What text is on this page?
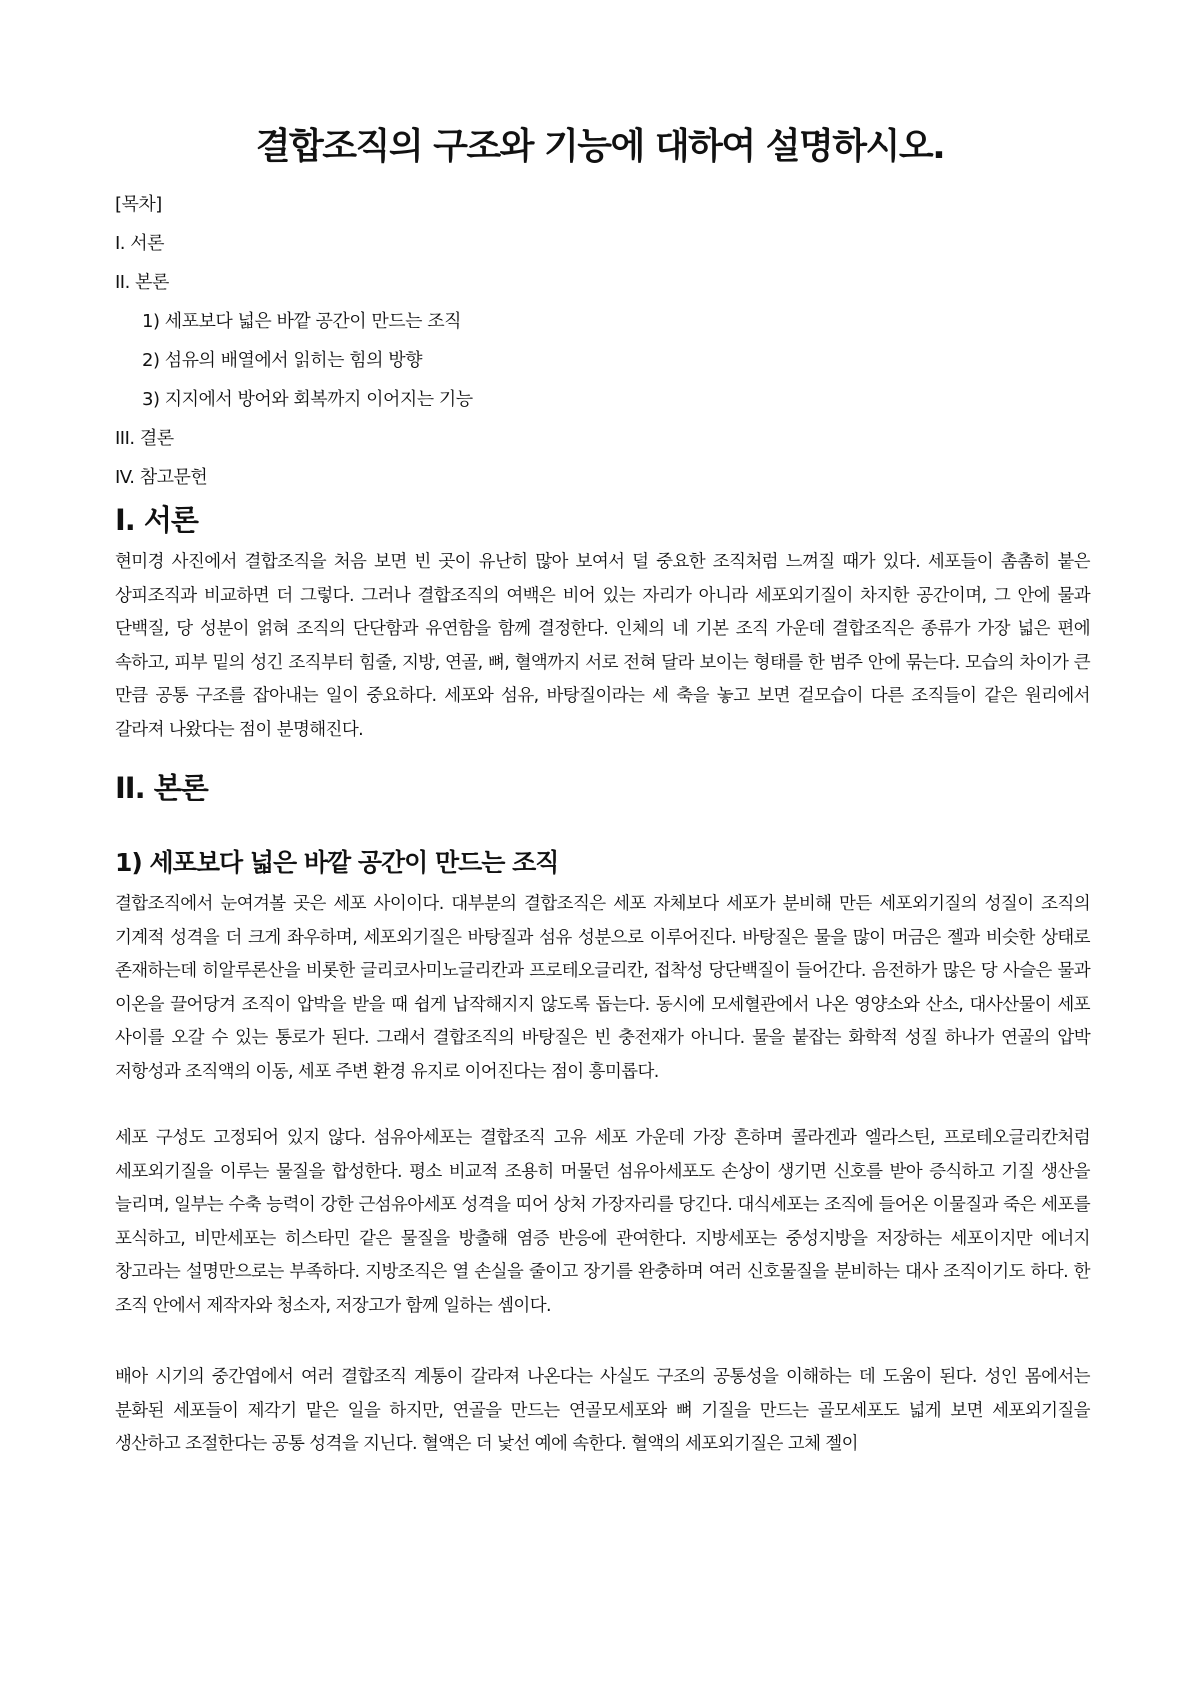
결합조직의 구조와 기능에 대하여 설명하시오.
[목차]
I. 서론
II. 본론
1) 세포보다 넓은 바깥 공간이 만드는 조직
2) 섬유의 배열에서 읽히는 힘의 방향
3) 지지에서 방어와 회복까지 이어지는 기능
III. 결론
IV. 참고문헌
I. 서론

현미경 사진에서 결합조직을 처음 보면 빈 곳이 유난히 많아 보여서 덜 중요한 조직처럼 느껴질 때가 있다. 세포들이 촘촘히 붙은 상피조직과 비교하면 더 그렇다. 그러나 결합조직의 여백은 비어 있는 자리가 아니라 세포외기질이 차지한 공간이며, 그 안에 물과 단백질, 당 성분이 얽혀 조직의 단단함과 유연함을 함께 결정한다. 인체의 네 기본 조직 가운데 결합조직은 종류가 가장 넓은 편에 속하고, 피부 밑의 성긴 조직부터 힘줄, 지방, 연골, 뼈, 혈액까지 서로 전혀 달라 보이는 형태를 한 범주 안에 묶는다. 모습의 차이가 큰 만큼 공통 구조를 잡아내는 일이 중요하다. 세포와 섬유, 바탕질이라는 세 축을 놓고 보면 겉모습이 다른 조직들이 같은 원리에서 갈라져 나왔다는 점이 분명해진다.

II. 본론
1) 세포보다 넓은 바깥 공간이 만드는 조직

결합조직에서 눈여겨볼 곳은 세포 사이이다. 대부분의 결합조직은 세포 자체보다 세포가 분비해 만든 세포외기질의 성질이 조직의 기계적 성격을 더 크게 좌우하며, 세포외기질은 바탕질과 섬유 성분으로 이루어진다. 바탕질은 물을 많이 머금은 젤과 비슷한 상태로 존재하는데 히알루론산을 비롯한 글리코사미노글리칸과 프로테오글리칸, 접착성 당단백질이 들어간다. 음전하가 많은 당 사슬은 물과 이온을 끌어당겨 조직이 압박을 받을 때 쉽게 납작해지지 않도록 돕는다. 동시에 모세혈관에서 나온 영양소와 산소, 대사산물이 세포 사이를 오갈 수 있는 통로가 된다. 그래서 결합조직의 바탕질은 빈 충전재가 아니다. 물을 붙잡는 화학적 성질 하나가 연골의 압박 저항성과 조직액의 이동, 세포 주변 환경 유지로 이어진다는 점이 흥미롭다.

세포 구성도 고정되어 있지 않다. 섬유아세포는 결합조직 고유 세포 가운데 가장 흔하며 콜라겐과 엘라스틴, 프로테오글리칸처럼 세포외기질을 이루는 물질을 합성한다. 평소 비교적 조용히 머물던 섬유아세포도 손상이 생기면 신호를 받아 증식하고 기질 생산을 늘리며, 일부는 수축 능력이 강한 근섬유아세포 성격을 띠어 상처 가장자리를 당긴다. 대식세포는 조직에 들어온 이물질과 죽은 세포를 포식하고, 비만세포는 히스타민 같은 물질을 방출해 염증 반응에 관여한다. 지방세포는 중성지방을 저장하는 세포이지만 에너지 창고라는 설명만으로는 부족하다. 지방조직은 열 손실을 줄이고 장기를 완충하며 여러 신호물질을 분비하는 대사 조직이기도 하다. 한 조직 안에서 제작자와 청소자, 저장고가 함께 일하는 셈이다.

배아 시기의 중간엽에서 여러 결합조직 계통이 갈라져 나온다는 사실도 구조의 공통성을 이해하는 데 도움이 된다. 성인 몸에서는 분화된 세포들이 제각기 맡은 일을 하지만, 연골을 만드는 연골모세포와 뼈 기질을 만드는 골모세포도 넓게 보면 세포외기질을 생산하고 조절한다는 공통 성격을 지닌다. 혈액은 더 낯선 예에 속한다. 혈액의 세포외기질은 고체 젤이
